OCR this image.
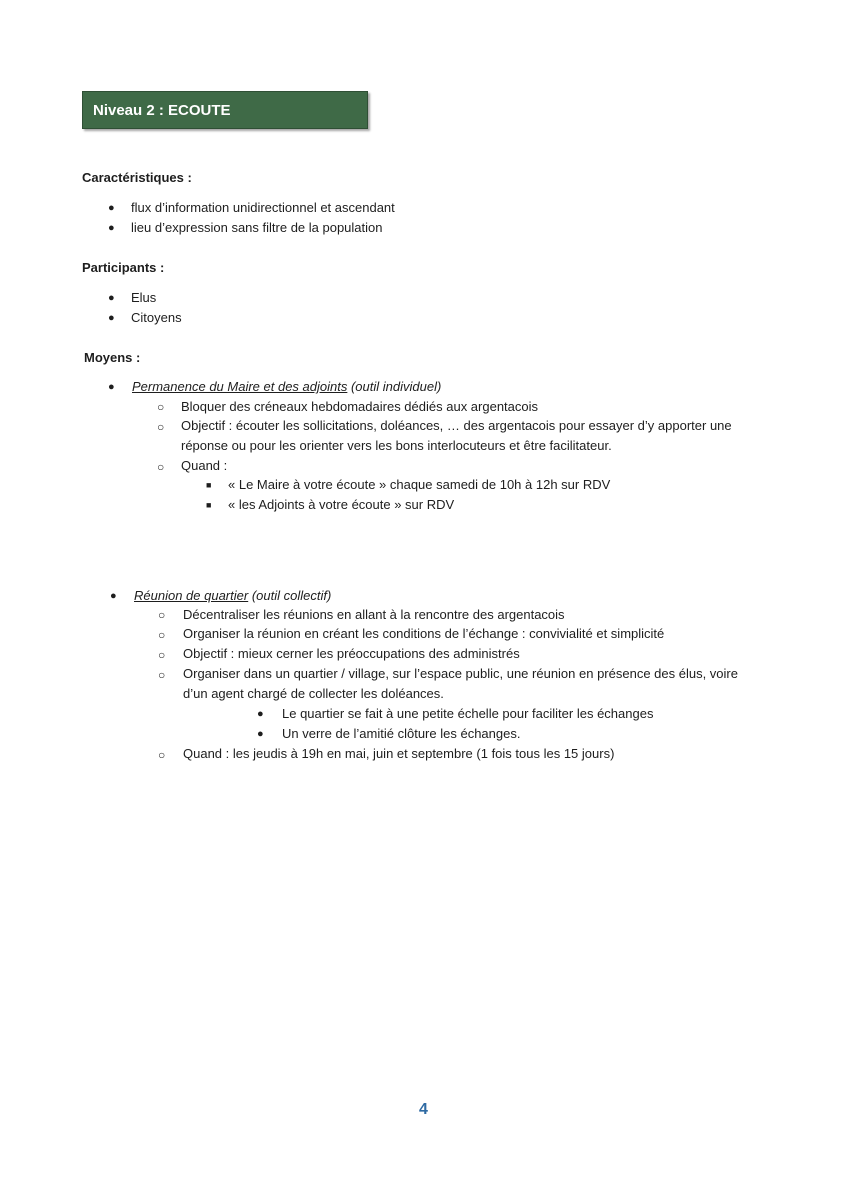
Niveau 2 : ECOUTE
Caractéristiques :
● flux d’information unidirectionnel et ascendant
● lieu d’expression sans filtre de la population
Participants :
● Elus
● Citoyens
Moyens :
● Permanence du Maire et des adjoints (outil individuel)
○ Bloquer des créneaux hebdomadaires dédiés aux argentacois
○ Objectif : écouter les sollicitations, doléances, … des argentacois pour essayer d’y apporter une
réponse ou pour les orienter vers les bons interlocuteurs et être facilitateur.
○ Quand :
■ « Le Maire à votre écoute » chaque samedi de 10h à 12h sur RDV
■ « les Adjoints à votre écoute » sur RDV
● Réunion de quartier (outil collectif)
○ Décentraliser les réunions en allant à la rencontre des argentacois
○ Organiser la réunion en créant les conditions de l’échange : convivialité et simplicité
○ Objectif : mieux cerner les préoccupations des administrés
○ Organiser dans un quartier / village, sur l’espace public, une réunion en présence des élus, voire
d’un agent chargé de collecter les doléances.
● Le quartier se fait à une petite échelle pour faciliter les échanges
● Un verre de l’amitié clôture les échanges.
○ Quand : les jeudis à 19h en mai, juin et septembre (1 fois tous les 15 jours)
4
